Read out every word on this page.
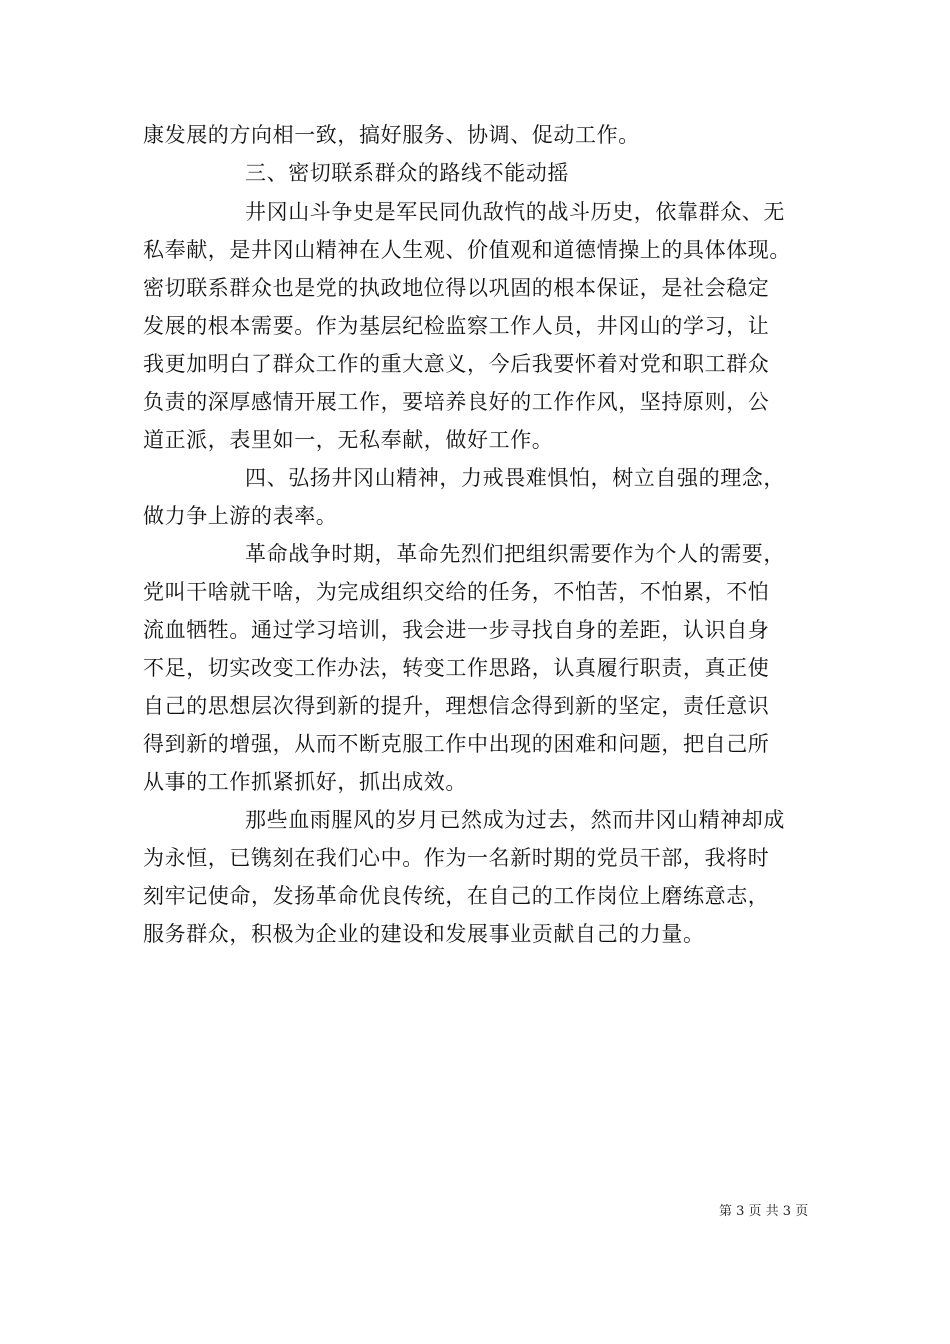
康发展的方向相一致，搞好服务、协调、促动工作。
三、密切联系群众的路线不能动摇
井冈山斗争史是军民同仇敌忾的战斗历史，依靠群众、无
私奉献，是井冈山精神在人生观、价值观和道德情操上的具体体现。
密切联系群众也是党的执政地位得以巩固的根本保证，是社会稳定
发展的根本需要。作为基层纪检监察工作人员，井冈山的学习，让
我更加明白了群众工作的重大意义，今后我要怀着对党和职工群众
负责的深厚感情开展工作，要培养良好的工作作风，坚持原则，公
道正派，表里如一，无私奉献，做好工作。
四、弘扬井冈山精神，力戒畏难惧怕，树立自强的理念，
做力争上游的表率。
革命战争时期，革命先烈们把组织需要作为个人的需要，
党叫干啥就干啥，为完成组织交给的任务，不怕苦，不怕累，不怕
流血牺牲。通过学习培训，我会进一步寻找自身的差距，认识自身
不足，切实改变工作办法，转变工作思路，认真履行职责，真正使
自己的思想层次得到新的提升，理想信念得到新的坚定，责任意识
得到新的增强，从而不断克服工作中出现的困难和问题，把自己所
从事的工作抓紧抓好，抓出成效。
那些血雨腥风的岁月已然成为过去，然而井冈山精神却成
为永恒，已镌刻在我们心中。作为一名新时期的党员干部，我将时
刻牢记使命，发扬革命优良传统，在自己的工作岗位上磨练意志，
服务群众，积极为企业的建设和发展事业贡献自己的力量。
第 3 页 共 3 页
